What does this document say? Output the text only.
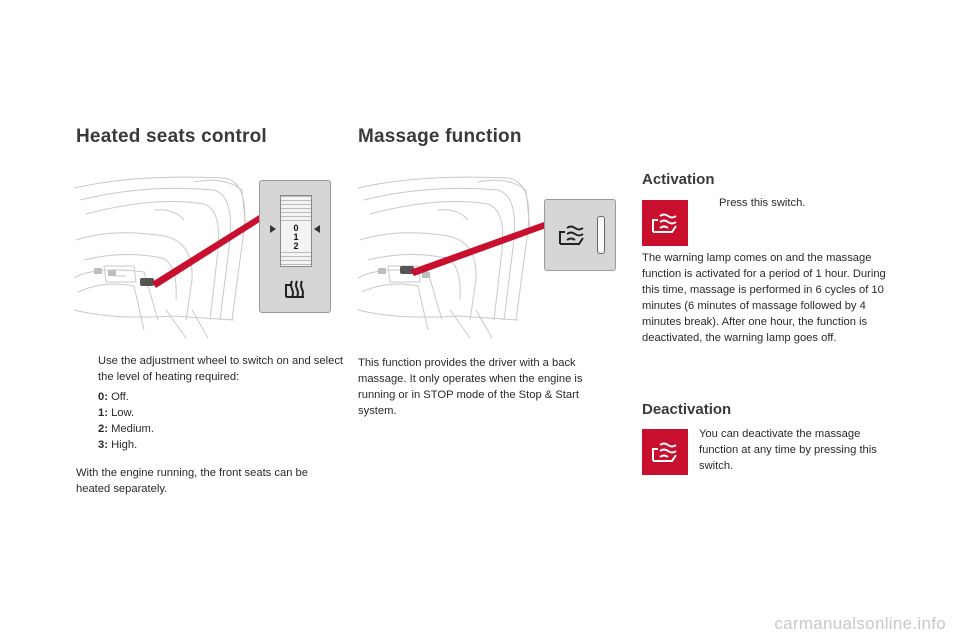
Heated seats control
0
1
2
Use the adjustment wheel to switch on and select the level of heating required:
0: Off.
1: Low.
2: Medium.
3: High.
With the engine running, the front seats can be heated separately.
Massage function
This function provides the driver with a back massage. It only operates when the engine is running or in STOP mode of the Stop & Start system.
Activation
Press this switch.
The warning lamp comes on and the massage function is activated for a period of 1 hour. During this time, massage is performed in 6 cycles of 10 minutes (6 minutes of massage followed by 4 minutes break). After one hour, the function is deactivated, the warning lamp goes off.
Deactivation
You can deactivate the massage function at any time by pressing this switch.
carmanualsonline.info
